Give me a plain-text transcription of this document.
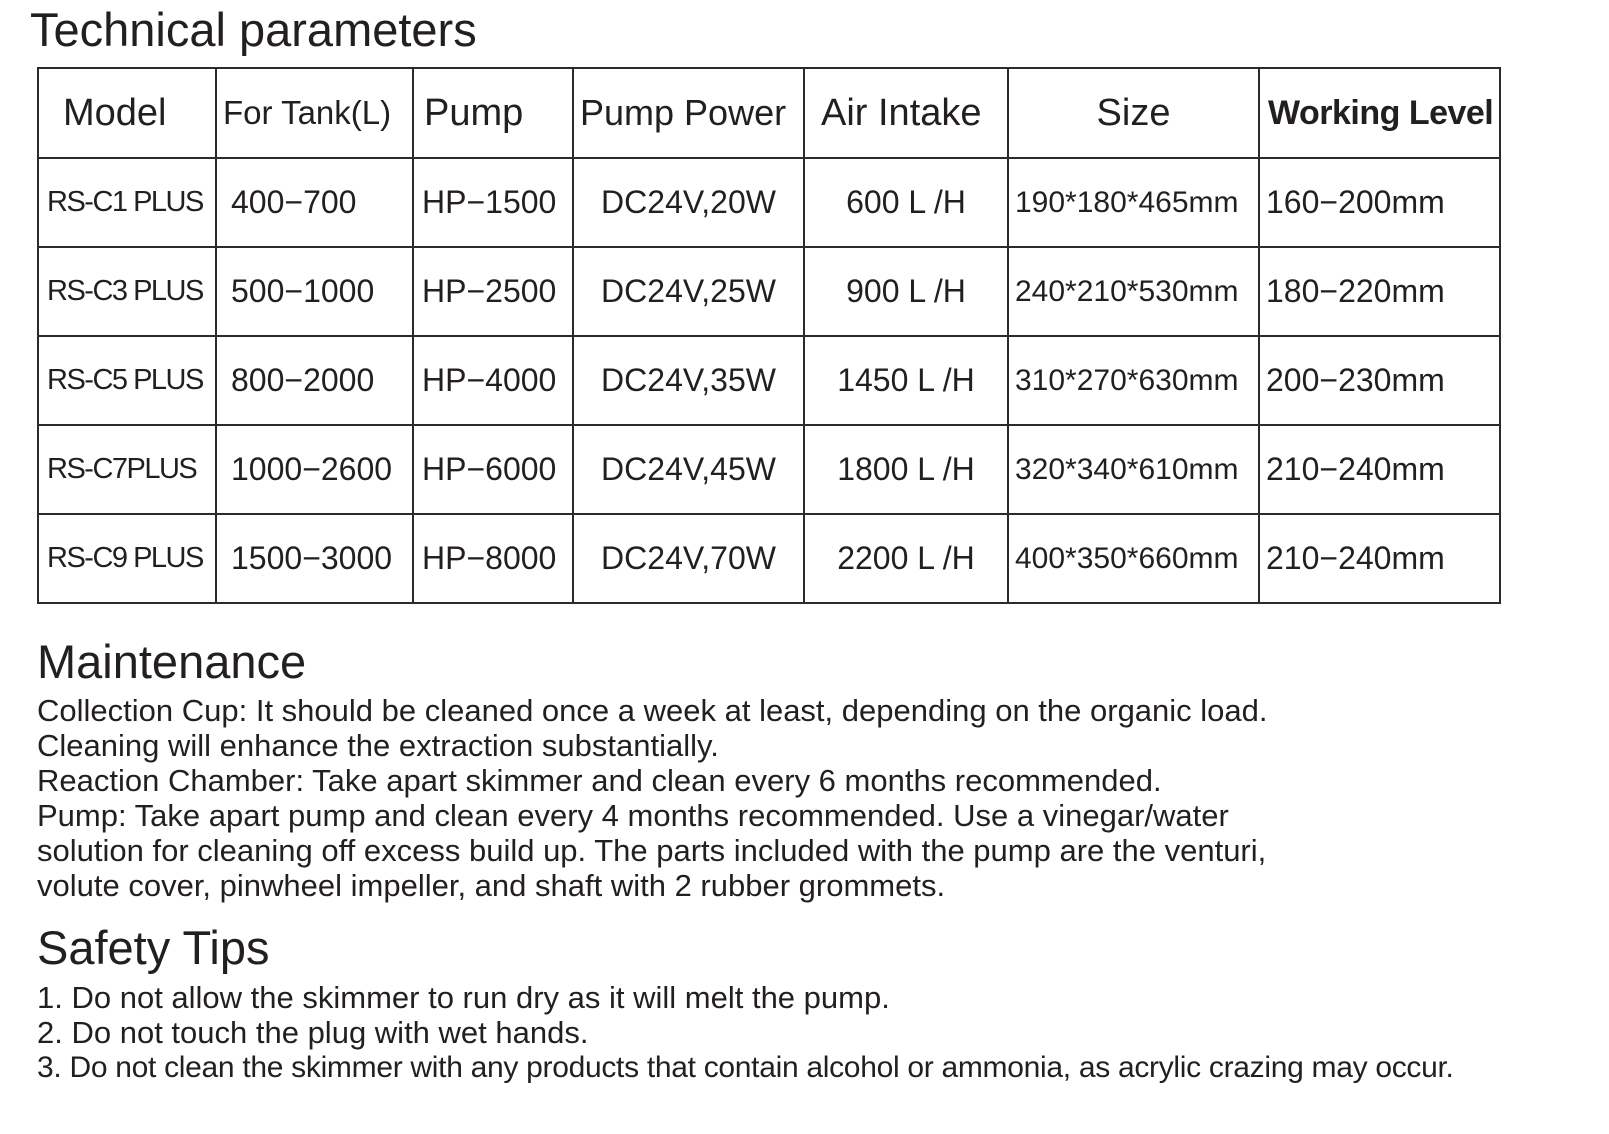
Technical parameters
Model	For Tank(L)	Pump	Pump Power	Air Intake	Size	Working Level
RS-C1 PLUS	400−700	HP−1500	DC24V,20W	600 L /H	190*180*465mm	160−200mm
RS-C3 PLUS	500−1000	HP−2500	DC24V,25W	900 L /H	240*210*530mm	180−220mm
RS-C5 PLUS	800−2000	HP−4000	DC24V,35W	1450 L /H	310*270*630mm	200−230mm
RS-C7PLUS	1000−2600	HP−6000	DC24V,45W	1800 L /H	320*340*610mm	210−240mm
RS-C9 PLUS	1500−3000	HP−8000	DC24V,70W	2200 L /H	400*350*660mm	210−240mm
Maintenance
Collection Cup: It should be cleaned once a week at least, depending on the organic load.
Cleaning will enhance the extraction substantially.
Reaction Chamber: Take apart skimmer and clean every 6 months recommended.
Pump: Take apart pump and clean every 4 months recommended. Use a vinegar/water
solution for cleaning off excess build up. The parts included with the pump are the venturi,
volute cover, pinwheel impeller, and shaft with 2 rubber grommets.
Safety Tips
1. Do not allow the skimmer to run dry as it will melt the pump.
2. Do not touch the plug with wet hands.
3. Do not clean the skimmer with any products that contain alcohol or ammonia, as acrylic crazing may occur.
